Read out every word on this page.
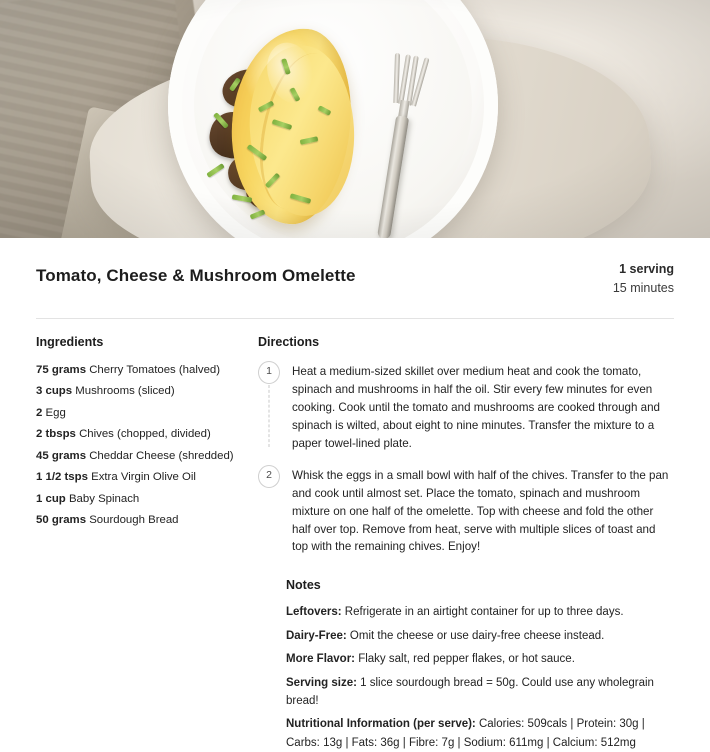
Tomato, Cheese & Mushroom Omelette	1 serving
15 minutes
Ingredients
75 grams Cherry Tomatoes (halved)
3 cups Mushrooms (sliced)
2 Egg
2 tbsps Chives (chopped, divided)
45 grams Cheddar Cheese (shredded)
1 1/2 tsps Extra Virgin Olive Oil
1 cup Baby Spinach
50 grams Sourdough Bread
Directions
1	Heat a medium-sized skillet over medium heat and cook the tomato, spinach and mushrooms in half the oil. Stir every few minutes for even cooking. Cook until the tomato and mushrooms are cooked through and spinach is wilted, about eight to nine minutes. Transfer the mixture to a paper towel-lined plate.
2	Whisk the eggs in a small bowl with half of the chives. Transfer to the pan and cook until almost set. Place the tomato, spinach and mushroom mixture on one half of the omelette. Top with cheese and fold the other half over top. Remove from heat, serve with multiple slices of toast and top with the remaining chives. Enjoy!
Notes
Leftovers: Refrigerate in an airtight container for up to three days.
Dairy-Free: Omit the cheese or use dairy-free cheese instead.
More Flavor: Flaky salt, red pepper flakes, or hot sauce.
Serving size: 1 slice sourdough bread = 50g. Could use any wholegrain bread!
Nutritional Information (per serve): Calories: 509cals | Protein: 30g | Carbs: 13g | Fats: 36g | Fibre: 7g | Sodium: 611mg | Calcium: 512mg
